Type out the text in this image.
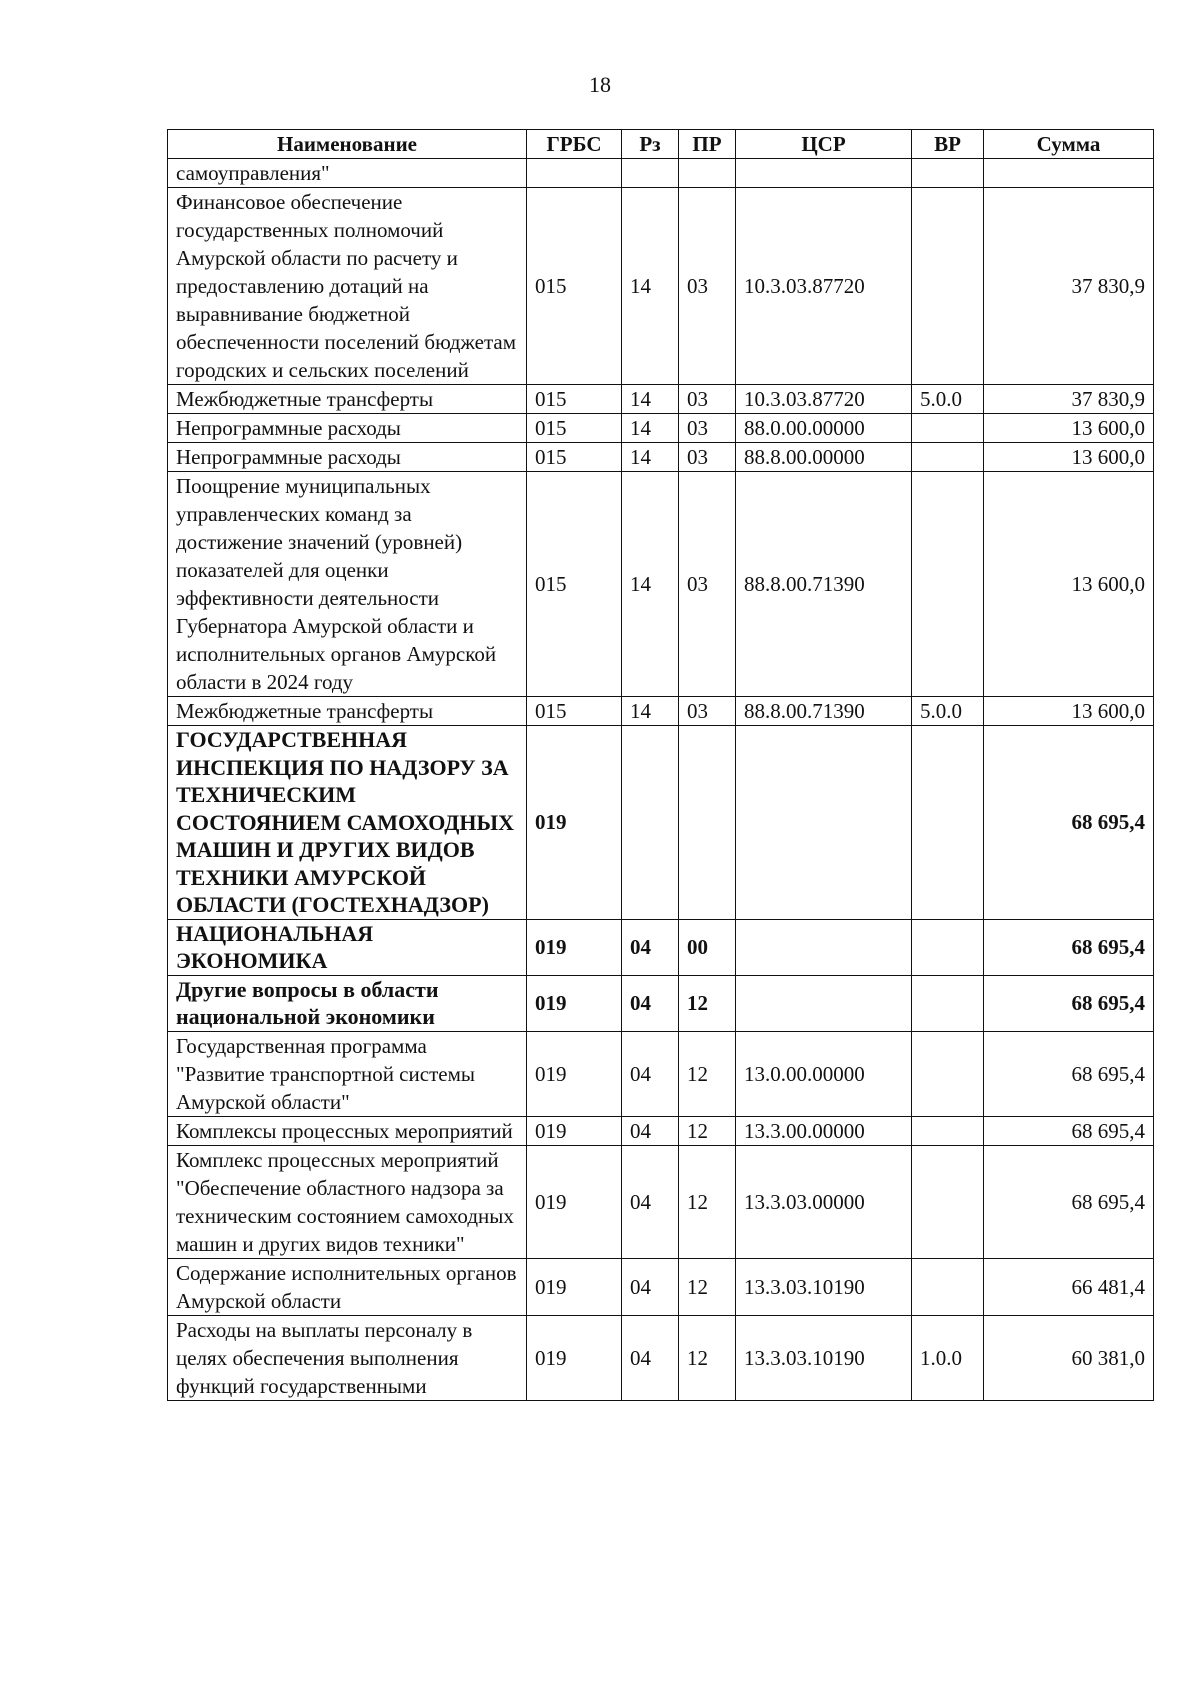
18
Наименование	ГРБС	Рз	ПР	ЦСР	ВР	Сумма
самоуправления"						
Финансовое обеспечение государственных полномочий Амурской области по расчету и предоставлению дотаций на выравнивание бюджетной обеспеченности поселений бюджетам городских и сельских поселений	015	14	03	10.3.03.87720		37 830,9
Межбюджетные трансферты	015	14	03	10.3.03.87720	5.0.0	37 830,9
Непрограммные расходы	015	14	03	88.0.00.00000		13 600,0
Непрограммные расходы	015	14	03	88.8.00.00000		13 600,0
Поощрение муниципальных управленческих команд за достижение значений (уровней) показателей для оценки эффективности деятельности Губернатора Амурской области и исполнительных органов Амурской области в 2024 году	015	14	03	88.8.00.71390		13 600,0
Межбюджетные трансферты	015	14	03	88.8.00.71390	5.0.0	13 600,0
ГОСУДАРСТВЕННАЯ ИНСПЕКЦИЯ ПО НАДЗОРУ ЗА ТЕХНИЧЕСКИМ СОСТОЯНИЕМ САМОХОДНЫХ МАШИН И ДРУГИХ ВИДОВ ТЕХНИКИ АМУРСКОЙ ОБЛАСТИ (ГОСТЕХНАДЗОР)	019					68 695,4
НАЦИОНАЛЬНАЯ ЭКОНОМИКА	019	04	00			68 695,4
Другие вопросы в области национальной экономики	019	04	12			68 695,4
Государственная программа "Развитие транспортной системы Амурской области"	019	04	12	13.0.00.00000		68 695,4
Комплексы процессных мероприятий	019	04	12	13.3.00.00000		68 695,4
Комплекс процессных мероприятий "Обеспечение областного надзора за техническим состоянием самоходных машин и других видов техники"	019	04	12	13.3.03.00000		68 695,4
Содержание исполнительных органов Амурской области	019	04	12	13.3.03.10190		66 481,4
Расходы на выплаты персоналу в целях обеспечения выполнения функций государственными	019	04	12	13.3.03.10190	1.0.0	60 381,0
